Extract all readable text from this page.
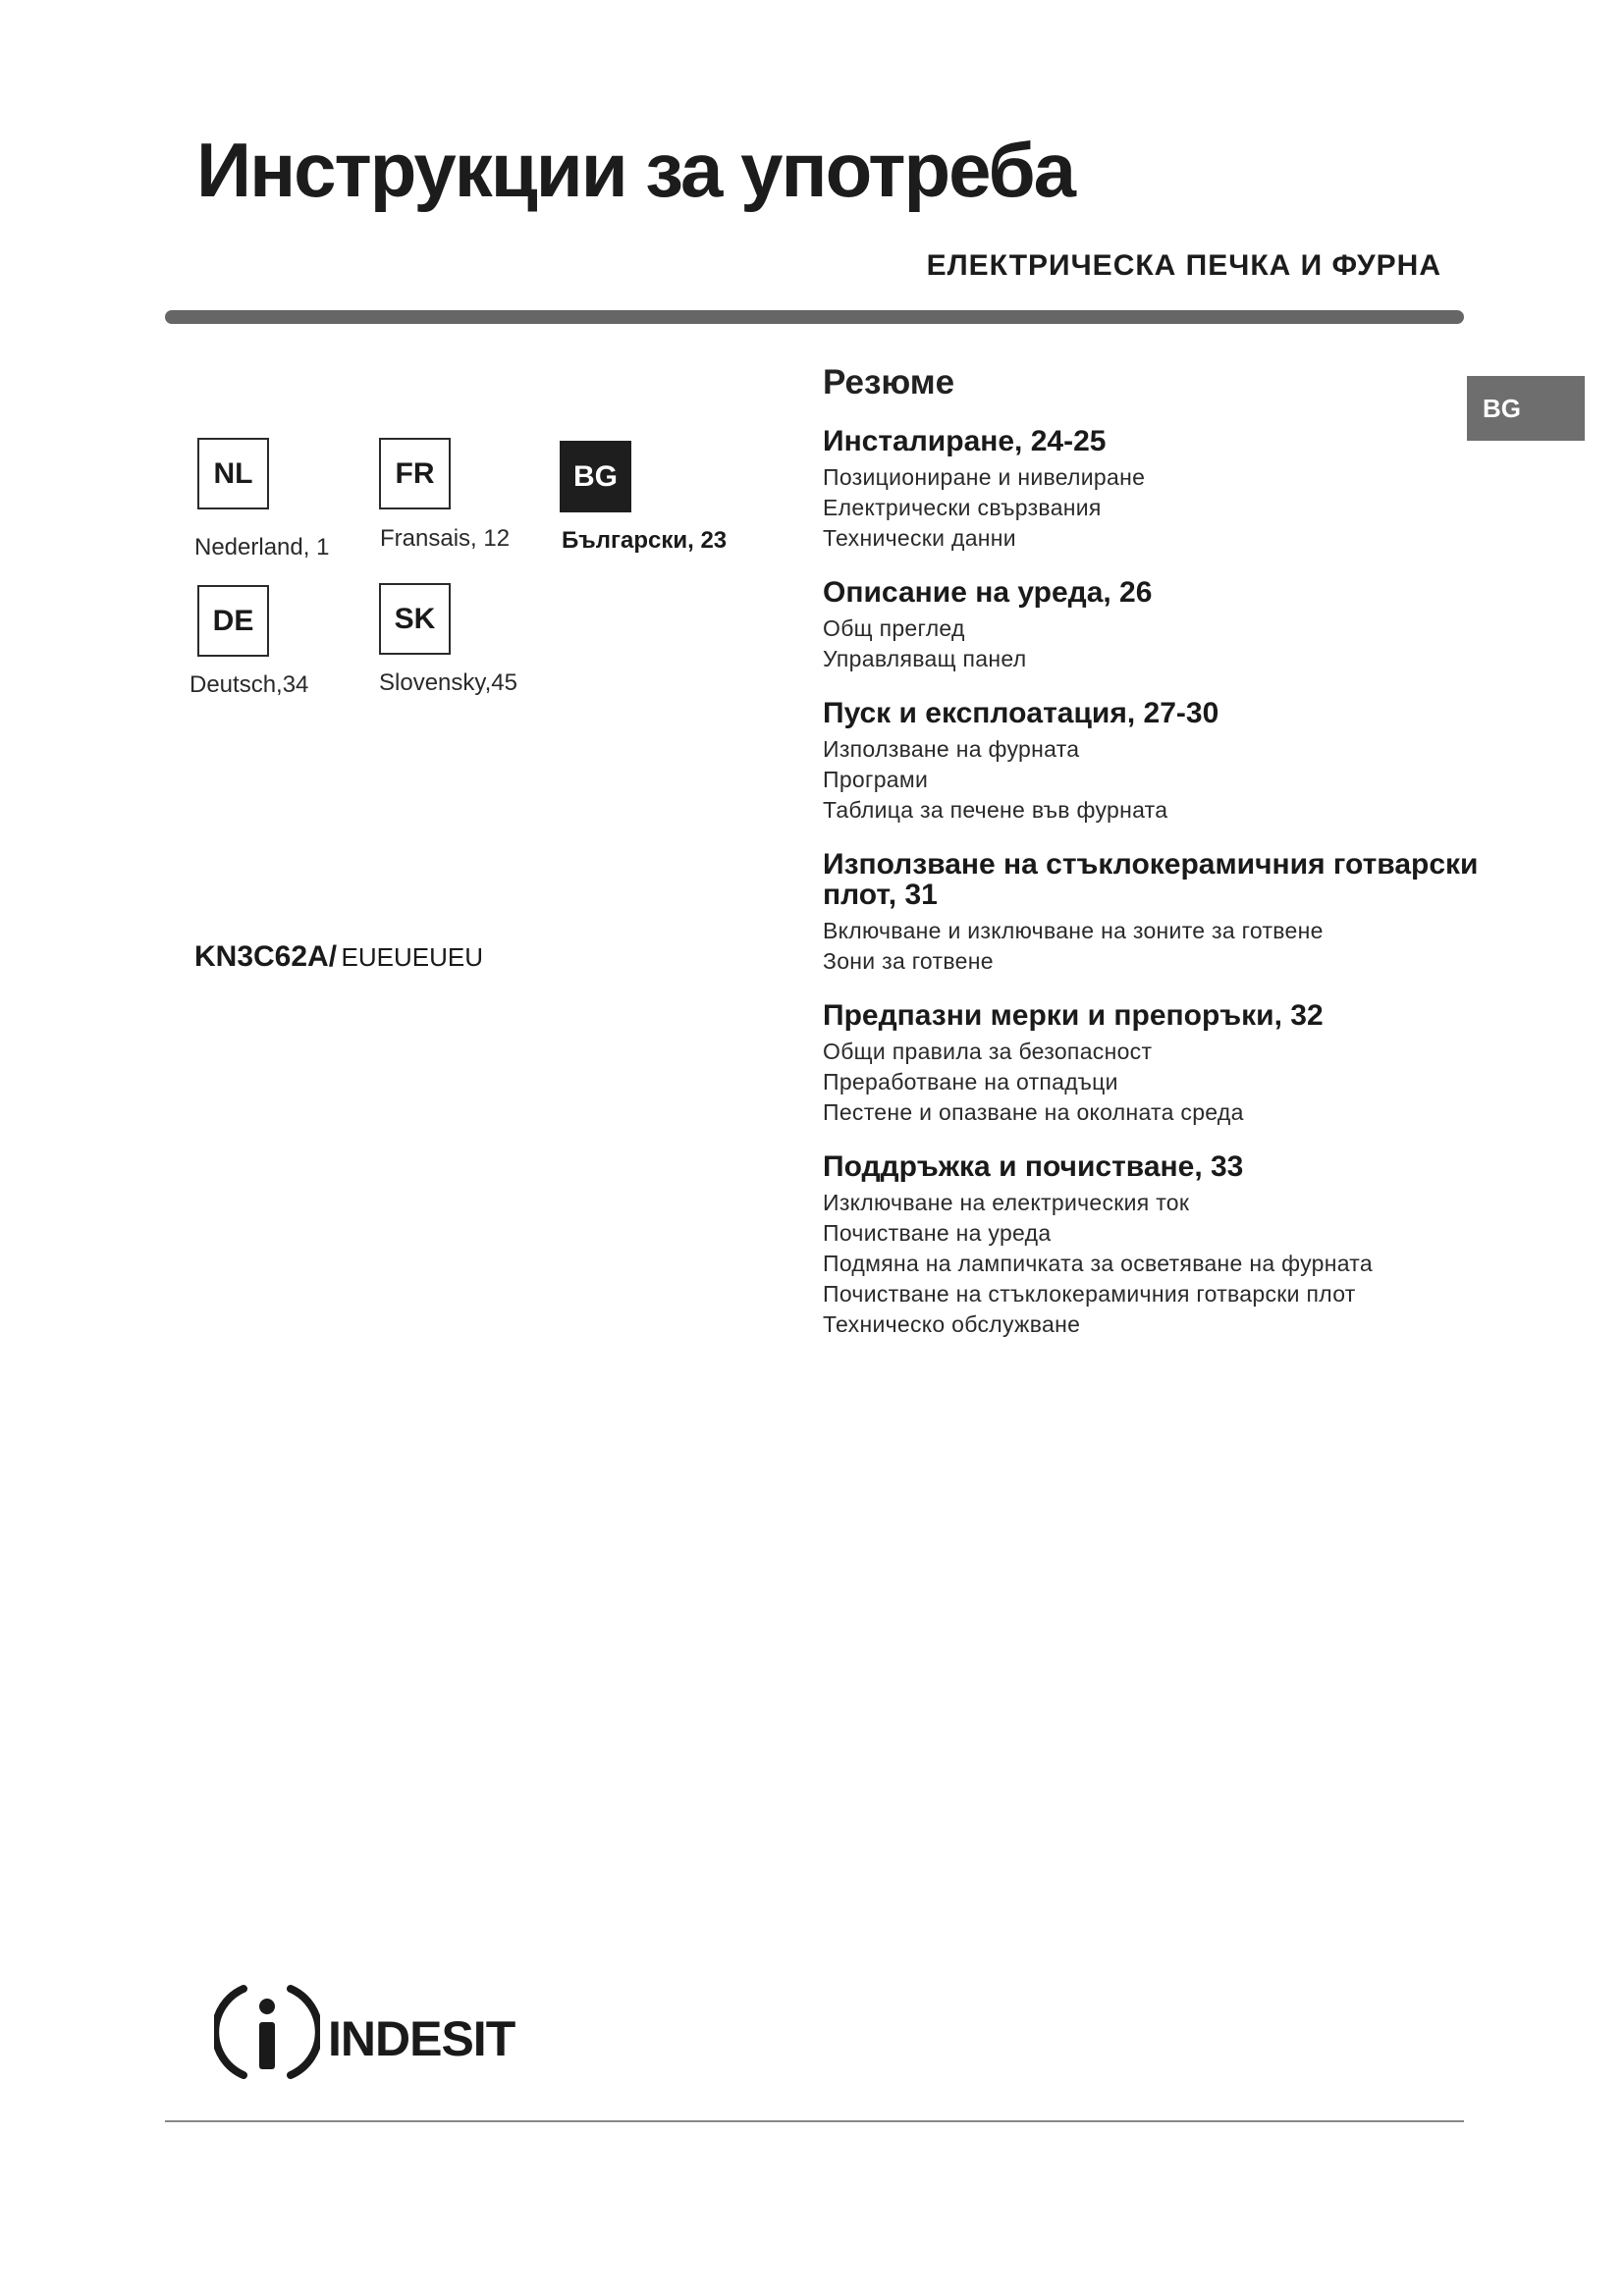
Инструкции за употреба
ЕЛЕКТРИЧЕСКА ПЕЧКА И ФУРНА
BG
NL
Nederland, 1
FR
Fransais, 12
BG
Български, 23
DE
Deutsch,34
SK
Slovensky,45
KN3C62A/ EUEUEUEU
Резюме
Инсталиране, 24-25
Позициониране и нивелиране
Електрически свързвания
Технически данни
Описание на уреда, 26
Общ преглед
Управляващ панел
Пуск и експлоатация, 27-30
Използване на фурната
Програми
Таблица за печене във фурната
Използване на стъклокерамичния готварски плот, 31
Включване и изключване на зоните за готвене
Зони за готвене
Предпазни мерки и препоръки, 32
Общи правила за безопасност
Преработване на отпадъци
Пестене и опазване на околната среда
Поддръжка и почистване, 33
Изключване на електрическия ток
Почистване на уреда
Подмяна на лампичката за осветяване на фурната
Почистване на стъклокерамичния готварски плот
Техническо обслужване
indesit
